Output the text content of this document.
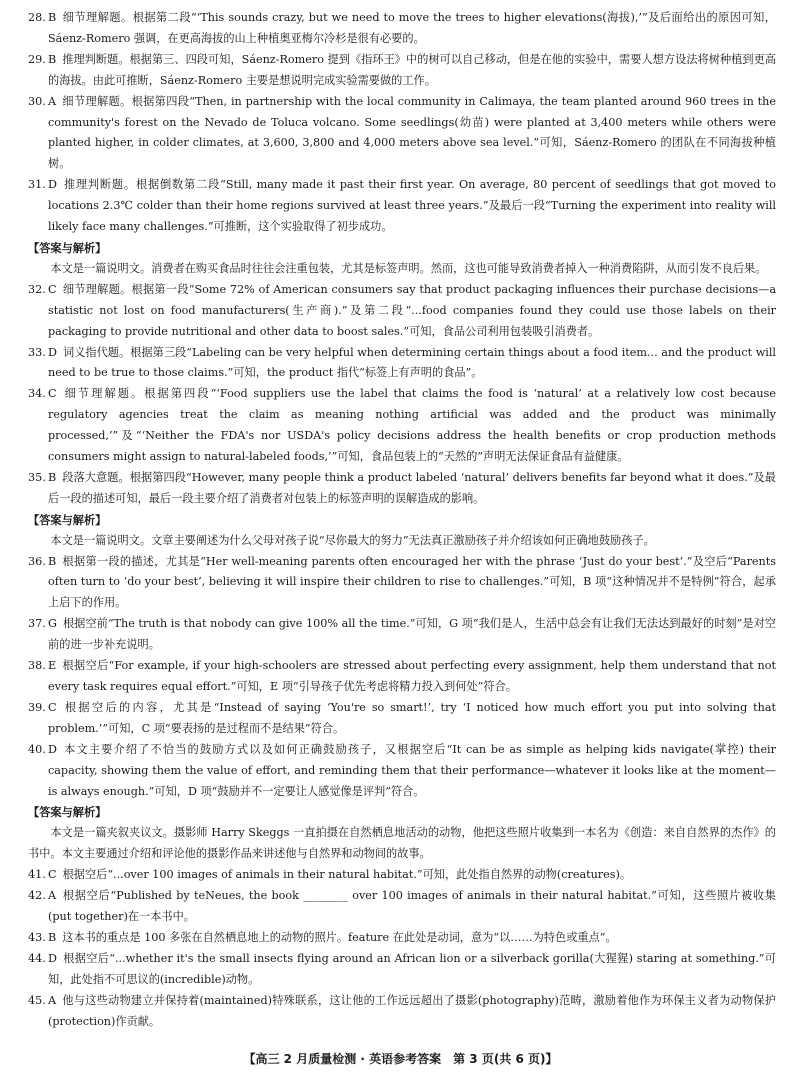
28. B 细节理解题。根据第二段“‘This sounds crazy, but we need to move the trees to higher elevations(海拔),’”及后面给出的原因可知，Sáenz-Romero 强调，在更高海拔的山上种植奥亚梅尔冷杉是很有必要的。

29. B 推理判断题。根据第三、四段可知，Sáenz-Romero 提到《指环王》中的树可以自己移动，但是在他的实验中，需要人想方设法将树种植到更高的海拔。由此可推断，Sáenz-Romero 主要是想说明完成实验需要做的工作。

30. A 细节理解题。根据第四段“Then, in partnership with the local community in Calimaya, the team planted around 960 trees in the community's forest on the Nevado de Toluca volcano. Some seedlings(幼苗) were planted at 3,400 meters while others were planted higher, in colder climates, at 3,600, 3,800 and 4,000 meters above sea level.”可知，Sáenz-Romero 的团队在不同海拔种植树。

31. D 推理判断题。根据倒数第二段“Still, many made it past their first year. On average, 80 percent of seedlings that got moved to locations 2.3℃ colder than their home regions survived at least three years.”及最后一段“Turning the experiment into reality will likely face many challenges.”可推断，这个实验取得了初步成功。

【答案与解析】

本文是一篇说明文。消费者在购买食品时往往会注重包装，尤其是标签声明。然而，这也可能导致消费者掉入一种消费陷阱，从而引发不良后果。

32. C 细节理解题。根据第一段“Some 72% of American consumers say that product packaging influences their purchase decisions—a statistic not lost on food manufacturers(生产商).”及第二段“...food companies found they could use those labels on their packaging to provide nutritional and other data to boost sales.”可知，食品公司利用包装吸引消费者。

33. D 词义指代题。根据第三段“Labeling can be very helpful when determining certain things about a food item... and the product will need to be true to those claims.”可知，the product 指代“标签上有声明的食品”。

34. C 细节理解题。根据第四段“‘Food suppliers use the label that claims the food is ‘natural’ at a relatively low cost because regulatory agencies treat the claim as meaning nothing artificial was added and the product was minimally processed,’”及“‘Neither the FDA's nor USDA's policy decisions address the health benefits or crop production methods consumers might assign to natural-labeled foods,’”可知，食品包装上的“天然的”声明无法保证食品有益健康。

35. B 段落大意题。根据第四段“However, many people think a product labeled ‘natural’ delivers benefits far beyond what it does.”及最后一段的描述可知，最后一段主要介绍了消费者对包装上的标签声明的误解造成的影响。

【答案与解析】

本文是一篇说明文。文章主要阐述为什么父母对孩子说“尽你最大的努力”无法真正激励孩子并介绍该如何正确地鼓励孩子。

36. B 根据第一段的描述，尤其是“Her well-meaning parents often encouraged her with the phrase ‘Just do your best’.”及空后“Parents often turn to ‘do your best’, believing it will inspire their children to rise to challenges.”可知，B 项“这种情况并不是特例”符合，起承上启下的作用。

37. G 根据空前“The truth is that nobody can give 100% all the time.”可知，G 项“我们是人，生活中总会有让我们无法达到最好的时刻”是对空前的进一步补充说明。

38. E 根据空后“For example, if your high-schoolers are stressed about perfecting every assignment, help them understand that not every task requires equal effort.”可知，E 项“引导孩子优先考虑将精力投入到何处”符合。

39. C 根据空后的内容，尤其是“Instead of saying ‘You're so smart!’, try ‘I noticed how much effort you put into solving that problem.’”可知，C 项“要表扬的是过程而不是结果”符合。

40. D 本文主要介绍了不恰当的鼓励方式以及如何正确鼓励孩子，又根据空后“It can be as simple as helping kids navigate(掌控) their capacity, showing them the value of effort, and reminding them that their performance—whatever it looks like at the moment—is always enough.”可知，D 项“鼓励并不一定要让人感觉像是评判”符合。

【答案与解析】

本文是一篇夹叙夹议文。摄影师 Harry Skeggs 一直拍摄在自然栖息地活动的动物，他把这些照片收集到一本名为《创造：来自自然界的杰作》的书中。本文主要通过介绍和评论他的摄影作品来讲述他与自然界和动物间的故事。

41. C 根据空后“...over 100 images of animals in their natural habitat.”可知，此处指自然界的动物(creatures)。

42. A 根据空后“Published by teNeues, the book ________ over 100 images of animals in their natural habitat.”可知，这些照片被收集(put together)在一本书中。

43. B 这本书的重点是 100 多张在自然栖息地上的动物的照片。feature 在此处是动词，意为“以……为特色或重点”。

44. D 根据空后“...whether it's the small insects flying around an African lion or a silverback gorilla(大猩猩) staring at something.”可知，此处指不可思议的(incredible)动物。

45. A 他与这些动物建立并保持着(maintained)特殊联系，这让他的工作远远超出了摄影(photography)范畴，激励着他作为环保主义者为动物保护(protection)作贡献。

【高三 2 月质量检测 · 英语参考答案　第 3 页(共 6 页)】
